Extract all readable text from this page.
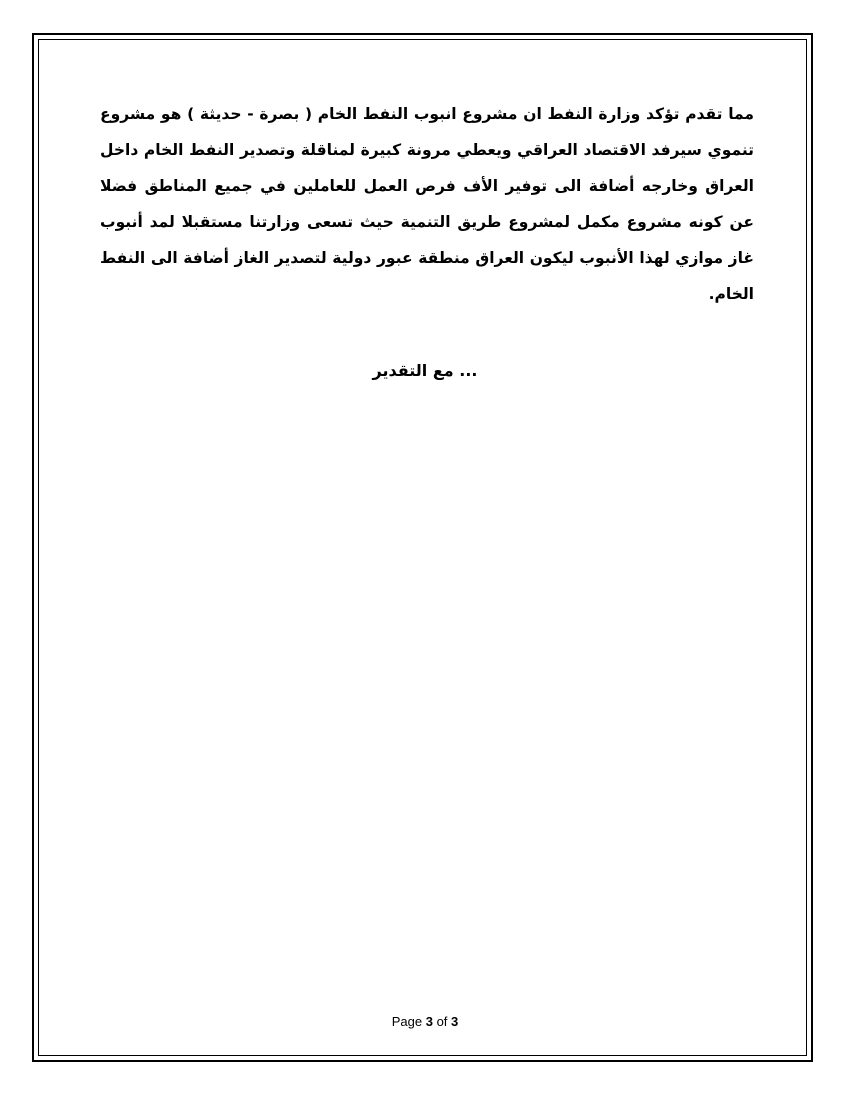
مما تقدم تؤكد وزارة النفط ان مشروع انبوب النفط الخام ( بصرة - حديثة ) هو مشروع تنموي سيرفد الاقتصاد العراقي ويعطي مرونة كبيرة لمناقلة وتصدير النفط الخام داخل العراق وخارجه أضافة الى توفير الأف فرص العمل للعاملين في جميع المناطق فضلا عن كونه مشروع مكمل لمشروع طريق التنمية حيث تسعى وزارتنا مستقبلا لمد أنبوب غاز موازي لهذا الأنبوب ليكون العراق منطقة عبور دولية لتصدير الغاز أضافة الى النفط الخام.

... مع التقدير

Page 3 of 3
